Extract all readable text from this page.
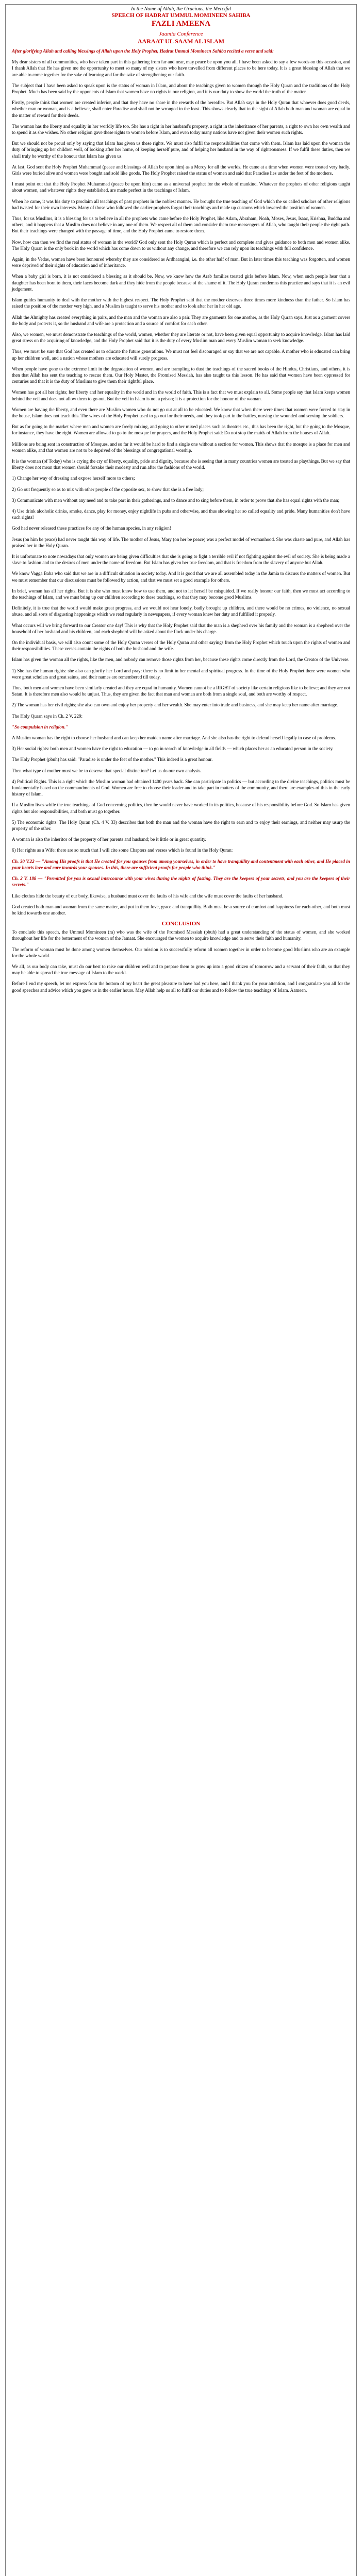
In the Name of Allah, the Gracious, the Merciful

SPEECH OF HADRAT UMMUL MOMINEEN SAHIBA

FAZLI AMEENA

Jaamia Conference

AARAAT UL SAAM AL ISLAM

After glorifying Allah and calling blessings of Allah upon the Holy Prophet, Hadrat Ummul Momineen Sahiba recited a verse and said:

My dear sisters of all communities, who have taken part in this gathering from far and near, may peace be upon you all. I have been asked to say a few words on this occasion, and I thank Allah that He has given me the opportunity to meet so many of my sisters who have travelled from different places to be here today. It is a great blessing of Allah that we are able to come together for the sake of learning and for the sake of strengthening our faith.

The subject that I have been asked to speak upon is the status of woman in Islam, and about the teachings given to women through the Holy Quran and the traditions of the Holy Prophet. Much has been said by the opponents of Islam that women have no rights in our religion, and it is our duty to show the world the truth of the matter.

Firstly, people think that women are created inferior, and that they have no share in the rewards of the hereafter. But Allah says in the Holy Quran that whoever does good deeds, whether man or woman, and is a believer, shall enter Paradise and shall not be wronged in the least. This shows clearly that in the sight of Allah both man and woman are equal in the matter of reward for their deeds.

The woman has the liberty and equality in her worldly life too. She has a right in her husband's property, a right in the inheritance of her parents, a right to own her own wealth and to spend it as she wishes. No other religion gave these rights to women before Islam, and even today many nations have not given their women such rights.

But we should not be proud only by saying that Islam has given us these rights. We must also fulfil the responsibilities that come with them. Islam has laid upon the woman the duty of bringing up her children well, of looking after her home, of keeping herself pure, and of helping her husband in the way of righteousness. If we fulfil these duties, then we shall truly be worthy of the honour that Islam has given us.

At last, God sent the Holy Prophet Muhammad (peace and blessings of Allah be upon him) as a Mercy for all the worlds. He came at a time when women were treated very badly. Girls were buried alive and women were bought and sold like goods. The Holy Prophet raised the status of women and said that Paradise lies under the feet of the mothers.

I must point out that the Holy Prophet Muhammad (peace be upon him) came as a universal prophet for the whole of mankind. Whatever the prophets of other religions taught about women, and whatever rights they established, are made perfect in the teachings of Islam.

When he came, it was his duty to proclaim all teachings of past prophets in the noblest manner. He brought the true teaching of God which the so called scholars of other religions had twisted for their own interests. Many of those who followed the earlier prophets forgot their teachings and made up customs which lowered the position of women.

Thus, for us Muslims, it is a blessing for us to believe in all the prophets who came before the Holy Prophet, like Adam, Abraham, Noah, Moses, Jesus, Isaac, Krishna, Buddha and others, and it happens that a Muslim does not believe in any one of them. We respect all of them and consider them true messengers of Allah, who taught their people the right path. But their teachings were changed with the passage of time, and the Holy Prophet came to restore them.

Now, how can then we find the real status of woman in the world? God only sent the Holy Quran which is perfect and complete and gives guidance to both men and women alike. The Holy Quran is the only book in the world which has come down to us without any change, and therefore we can rely upon its teachings with full confidence.

Again, in the Vedas, women have been honoured whereby they are considered as Ardhaangini, i.e. the other half of man. But in later times this teaching was forgotten, and women were deprived of their rights of education and of inheritance.

When a baby girl is born, it is not considered a blessing as it should be. Now, we know how the Arab families treated girls before Islam. Now, when such people hear that a daughter has been born to them, their faces become dark and they hide from the people because of the shame of it. The Holy Quran condemns this practice and says that it is an evil judgement.

Islam guides humanity to deal with the mother with the highest respect. The Holy Prophet said that the mother deserves three times more kindness than the father. So Islam has raised the position of the mother very high, and a Muslim is taught to serve his mother and to look after her in her old age.

Allah the Almighty has created everything in pairs, and the man and the woman are also a pair. They are garments for one another, as the Holy Quran says. Just as a garment covers the body and protects it, so the husband and wife are a protection and a source of comfort for each other.

Also, we women, we must demonstrate the teachings of the world, women, whether they are literate or not, have been given equal opportunity to acquire knowledge. Islam has laid great stress on the acquiring of knowledge, and the Holy Prophet said that it is the duty of every Muslim man and every Muslim woman to seek knowledge.

Thus, we must be sure that God has created us to educate the future generations. We must not feel discouraged or say that we are not capable. A mother who is educated can bring up her children well, and a nation whose mothers are educated will surely progress.

When people have gone to the extreme limit in the degradation of women, and are trampling to dust the teachings of the sacred books of the Hindus, Christians, and others, it is then that Allah has sent the teaching to rescue them. Our Holy Master, the Promised Messiah, has also taught us this lesson. He has said that women have been oppressed for centuries and that it is the duty of Muslims to give them their rightful place.

Women has got all her rights; her liberty and her equality in the world and in the world of faith. This is a fact that we must explain to all. Some people say that Islam keeps women behind the veil and does not allow them to go out. But the veil in Islam is not a prison; it is a protection for the honour of the woman.

Women are having the liberty, and even there are Muslim women who do not go out at all to be educated. We know that when there were times that women were forced to stay in the house, Islam does not teach this. The wives of the Holy Prophet used to go out for their needs, and they took part in the battles, nursing the wounded and serving the soldiers.

But as for going to the market where men and women are freely mixing, and going to other mixed places such as theatres etc., this has been the right, but the going to the Mosque, for instance, they have the right. Women are allowed to go to the mosque for prayers, and the Holy Prophet said: Do not stop the maids of Allah from the houses of Allah.

Millions are being sent in construction of Mosques, and so far it would be hard to find a single one without a section for women. This shows that the mosque is a place for men and women alike, and that women are not to be deprived of the blessings of congregational worship.

It is the woman (of Today) who is crying the cry of liberty, equality, pride and dignity, because she is seeing that in many countries women are treated as playthings. But we say that liberty does not mean that women should forsake their modesty and run after the fashions of the world.

1) Change her way of dressing and expose herself more to others;

2) Go out frequently so as to mix with other people of the opposite sex, to show that she is a free lady;

3) Communicate with men without any need and to take part in their gatherings, and to dance and to sing before them, in order to prove that she has equal rights with the man;

4) Use drink alcoholic drinks, smoke, dance, play for money, enjoy nightlife in pubs and otherwise, and thus showing her so called equality and pride. Many humanities don't have such rights!

God had never released these practices for any of the human species, in any religion!

Jesus (on him be peace) had never taught this way of life. The mother of Jesus, Mary (on her be peace) was a perfect model of womanhood. She was chaste and pure, and Allah has praised her in the Holy Quran.

It is unfortunate to note nowadays that only women are being given difficulties that she is going to fight a terrible evil if not fighting against the evil of society. She is being made a slave to fashion and to the desires of men under the name of freedom. But Islam has given her true freedom, and that is freedom from the slavery of anyone but Allah.

We know Vagga Baba who said that we are in a difficult situation in society today. And it is good that we are all assembled today in the Jamia to discuss the matters of women. But we must remember that our discussions must be followed by action, and that we must set a good example for others.

In brief, woman has all her rights. But it is she who must know how to use them, and not to let herself be misguided. If we really honour our faith, then we must act according to the teachings of Islam, and we must bring up our children according to these teachings, so that they may become good Muslims.

Definitely, it is true that the world would make great progress, and we would not hear lonely, badly brought up children, and there would be no crimes, no violence, no sexual abuse, and all sorts of disgusting happenings which we read regularly in newspapers, if every woman knew her duty and fulfilled it properly.

What occurs will we bring forward to our Creator one day! This is why that the Holy Prophet said that the man is a shepherd over his family and the woman is a shepherd over the household of her husband and his children, and each shepherd will be asked about the flock under his charge.

On the individual basis, we will also count some of the Holy Quran verses of the Holy Quran and other sayings from the Holy Prophet which touch upon the rights of women and their responsibilities. These verses contain the rights of both the husband and the wife.

Islam has given the woman all the rights, like the men, and nobody can remove those rights from her, because these rights come directly from the Lord, the Creator of the Universe.

1) She has the human rights: she also can glorify her Lord and pray: there is no limit in her mental and spiritual progress. In the time of the Holy Prophet there were women who were great scholars and great saints, and their names are remembered till today.

Thus, both men and women have been similarly created and they are equal in humanity. Women cannot be a RIGHT of society like certain religions like to believe; and they are not Satan. It is therefore men also would be unjust. Thus, they are given the fact that man and woman are both from a single soul, and both are worthy of respect.

2) The woman has her civil rights; she also can own and enjoy her property and her wealth. She may enter into trade and business, and she may keep her name after marriage.

The Holy Quran says in Ch. 2 V. 229:

"So compulsion in religion."

A Muslim woman has the right to choose her husband and can keep her maiden name after marriage. And she also has the right to defend herself legally in case of problems.

3) Her social rights: both men and women have the right to education — to go in search of knowledge in all fields — which places her as an educated person in the society.

The Holy Prophet (pbuh) has said: "Paradise is under the feet of the mother." This indeed is a great honour.

Then what type of mother must we be to deserve that special distinction? Let us do our own analysis.

4) Political Rights. This is a right which the Muslim woman had obtained 1400 years back. She can participate in politics — but according to the divine teachings, politics must be fundamentally based on the commandments of God. Women are free to choose their leader and to take part in matters of the community, and there are examples of this in the early history of Islam.

If a Muslim lives while the true teachings of God concerning politics, then he would never have worked in its politics, because of his responsibility before God. So Islam has given rights but also responsibilities, and both must go together.

5) The economic rights. The Holy Quran (Ch. 4 V. 33) describes that both the man and the woman have the right to earn and to enjoy their earnings, and neither may usurp the property of the other.

A woman is also the inheritor of the property of her parents and husband; be it little or in great quantity.

6) Her rights as a Wife: there are so much that I will cite some Chapters and verses which is found in the Holy Quran:

Ch. 30 V.22 — "Among His proofs is that He created for you spouses from among yourselves, in order to have tranquillity and contentment with each other, and He placed in your hearts love and care towards your spouses. In this, there are sufficient proofs for people who think."

Ch. 2 V. 188 — "Permitted for you is sexual intercourse with your wives during the nights of fasting. They are the keepers of your secrets, and you are the keepers of their secrets."

Like clothes hide the beauty of our body, likewise, a husband must cover the faults of his wife and the wife must cover the faults of her husband.

God created both man and woman from the same matter, and put in them love, grace and tranquillity. Both must be a source of comfort and happiness for each other, and both must be kind towards one another.

CONCLUSION

To conclude this speech, the Ummul Momineen (ra) who was the wife of the Promised Messiah (pbuh) had a great understanding of the status of women, and she worked throughout her life for the betterment of the women of the Jamaat. She encouraged the women to acquire knowledge and to serve their faith and humanity.

The reform of woman must be done among women themselves. Our mission is to successfully reform all women together in order to become good Muslims who are an example for the whole world.

We all, as our body can take, must do our best to raise our children well and to prepare them to grow up into a good citizen of tomorrow and a servant of their faith, so that they may be able to spread the true message of Islam to the world.

Before I end my speech, let me express from the bottom of my heart the great pleasure to have had you here, and I thank you for your attention, and I congratulate you all for the good speeches and advice which you gave us in the earlier hours. May Allah help us all to fulfil our duties and to follow the true teachings of Islam. Aameen.
